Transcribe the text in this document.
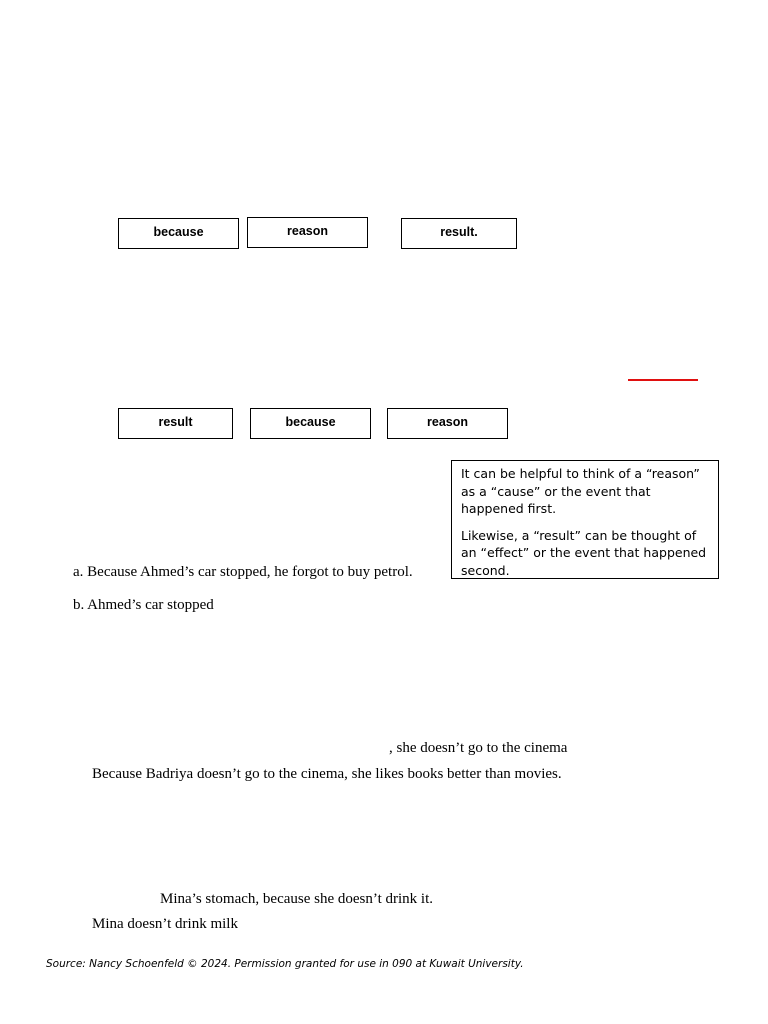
because	reason	result.
result	because	reason

It can be helpful to think of a “reason” as a “cause” or the event that happened first.

Likewise, a “result” can be thought of an “effect” or the event that happened second.

a. Because Ahmed’s car stopped, he forgot to buy petrol.
b. Ahmed’s car stopped
, she doesn’t go to the cinema
Because Badriya doesn’t go to the cinema, she likes books better than movies.
Mina’s stomach, because she doesn’t drink it.
Mina doesn’t drink milk
Source: Nancy Schoenfeld © 2024. Permission granted for use in 090 at Kuwait University.
